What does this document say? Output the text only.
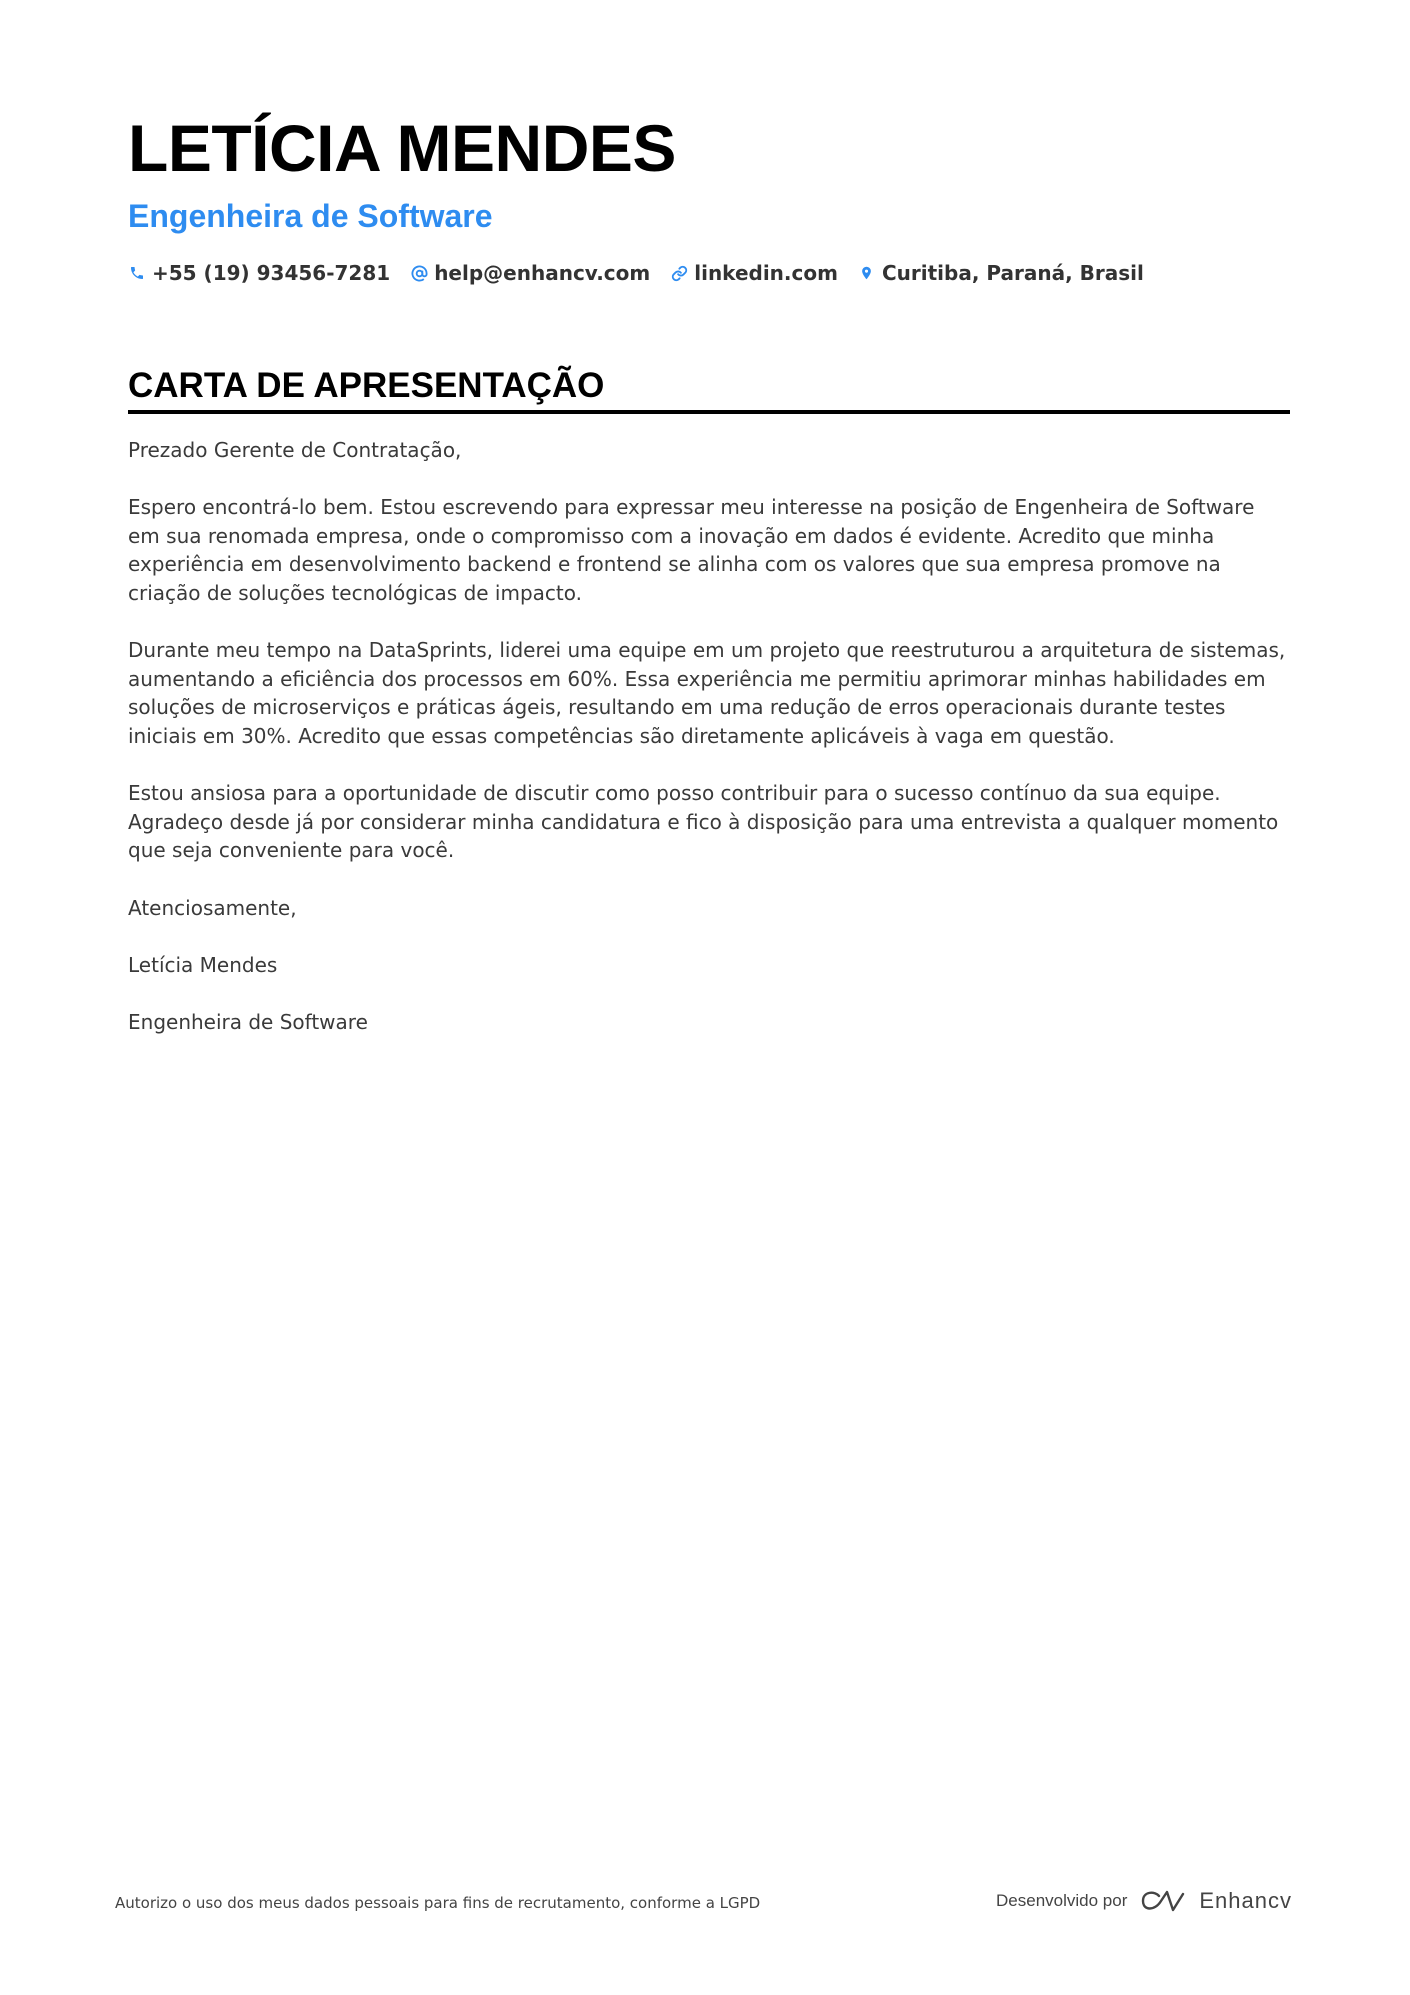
LETÍCIA MENDES
Engenheira de Software
+55 (19) 93456-7281 help@enhancv.com linkedin.com Curitiba, Paraná, Brasil
CARTA DE APRESENTAÇÃO

Prezado Gerente de Contratação,

Espero encontrá-lo bem. Estou escrevendo para expressar meu interesse na posição de Engenheira de Software em sua renomada empresa, onde o compromisso com a inovação em dados é evidente. Acredito que minha experiência em desenvolvimento backend e frontend se alinha com os valores que sua empresa promove na criação de soluções tecnológicas de impacto.

Durante meu tempo na DataSprints, liderei uma equipe em um projeto que reestruturou a arquitetura de sistemas, aumentando a eficiência dos processos em 60%. Essa experiência me permitiu aprimorar minhas habilidades em soluções de microserviços e práticas ágeis, resultando em uma redução de erros operacionais durante testes iniciais em 30%. Acredito que essas competências são diretamente aplicáveis à vaga em questão.

Estou ansiosa para a oportunidade de discutir como posso contribuir para o sucesso contínuo da sua equipe. Agradeço desde já por considerar minha candidatura e fico à disposição para uma entrevista a qualquer momento que seja conveniente para você.

Atenciosamente,

Letícia Mendes

Engenheira de Software

Autorizo o uso dos meus dados pessoais para fins de recrutamento, conforme a LGPD	Desenvolvido por	Enhancv
